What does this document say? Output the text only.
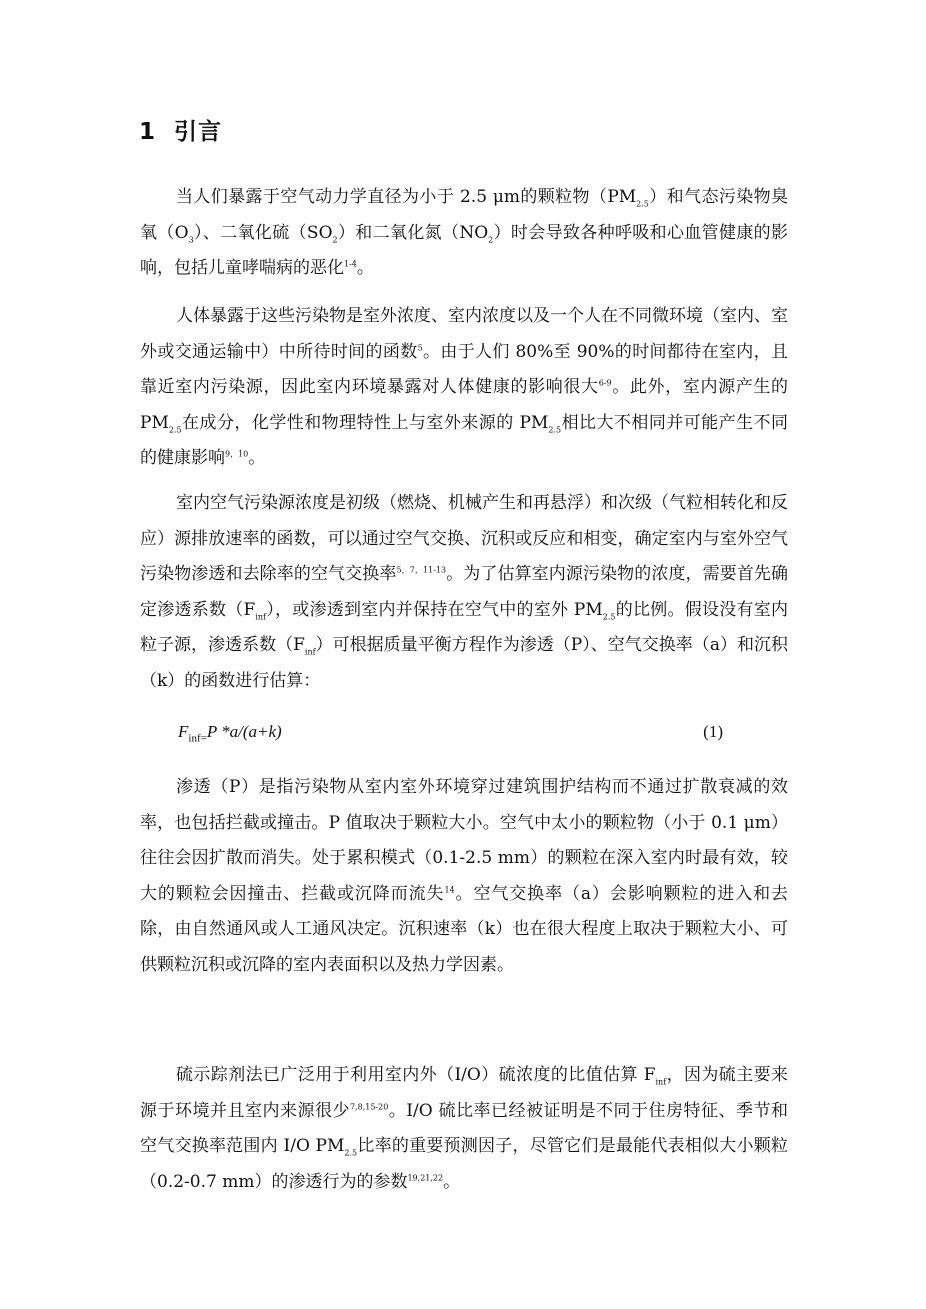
1 引言

当人们暴露于空气动力学直径为小于 2.5 μm的颗粒物$(PM_{2.5})$和气态污染物臭氧$(O_3)$、二氧化硫$(SO_2)$和二氧化氮$(NO_2)$时会导致各种呼吸和心血管健康的影响，包括儿童哮喘病的恶化$^{1-4}$。

人体暴露于这些污染物是室外浓度、室内浓度以及一个人在不同微环境（室内、室外或交通运输中）中所待时间的函数$^5$。由于人们 80%至 90%的时间都待在室内，且靠近室内污染源，因此室内环境暴露对人体健康的影响很大$^{6-9}$。此外，室内源产生的 $PM_{2.5}$在成分，化学性和物理特性上与室外来源的 $PM_{2.5}$相比大不相同并可能产生不同的健康影响$^{9,10}$。

室内空气污染源浓度是初级（燃烧、机械产生和再悬浮）和次级（气粒相转化和反应）源排放速率的函数，可以通过空气交换、沉积或反应和相变，确定室内与室外空气污染物渗透和去除率的空气交换率$^{5,7,11-13}$。为了估算室内源污染物的浓度，需要首先确定渗透系数$(F_{inf})$，或渗透到室内并保持在空气中的室外 $PM_{2.5}$的比例。假设没有室内粒子源，渗透系数$(F_{inf})$可根据质量平衡方程作为渗透（P）、空气交换率（a）和沉积（k）的函数进行估算：

$F_{inf=}P$ *a/(a+k)	(1)

渗透（P）是指污染物从室内室外环境穿过建筑围护结构而不通过扩散衰减的效率，也包括拦截或撞击。P 值取决于颗粒大小。空气中太小的颗粒物（小于 0.1 μm）往往会因扩散而消失。处于累积模式（0.1-2.5 mm）的颗粒在深入室内时最有效，较大的颗粒会因撞击、拦截或沉降而流失$^{14}$。空气交换率（a）会影响颗粒的进入和去除，由自然通风或人工通风决定。沉积速率（k）也在很大程度上取决于颗粒大小、可供颗粒沉积或沉降的室内表面积以及热力学因素。

硫示踪剂法已广泛用于利用室内外（I/O）硫浓度的比值估算 $F_{inf}$，因为硫主要来源于环境并且室内来源很少$^{7,8,15-20}$。I/O 硫比率已经被证明是不同于住房特征、季节和空气交换率范围内 I/O $PM_{2.5}$比率的重要预测因子，尽管它们是最能代表相似大小颗粒（0.2-0.7 mm）的渗透行为的参数$^{19,21,22}$。
